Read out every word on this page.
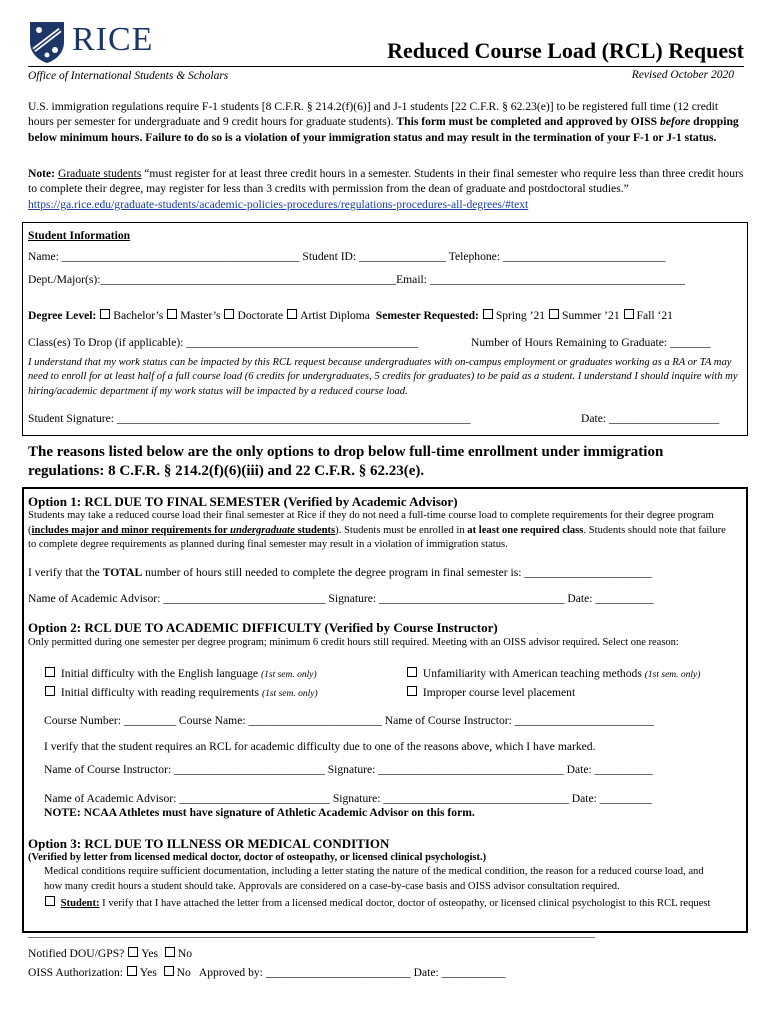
RICE	Reduced Course Load (RCL) Request
Office of International Students & Scholars	Revised October 2020
U.S. immigration regulations require F-1 students [8 C.F.R. § 214.2(f)(6)] and J-1 students [22 C.F.R. § 62.23(e)] to be registered full time (12 credit hours per semester for undergraduate and 9 credit hours for graduate students). This form must be completed and approved by OISS before dropping below minimum hours. Failure to do so is a violation of your immigration status and may result in the termination of your F-1 or J-1 status.
Note: Graduate students “must register for at least three credit hours in a semester. Students in their final semester who require less than three credit hours to complete their degree, may register for less than 3 credits with permission from the dean of graduate and postdoctoral studies.”
https://ga.rice.edu/graduate-students/academic-policies-procedures/regulations-procedures-all-degrees/#text
Student Information
Name: _________________________________________ Student ID: _______________ Telephone: ____________________________
Dept./Major(s):___________________________________________________Email: ____________________________________________
Degree Level: Bachelor’s Master’s Doctorate Artist Diploma Semester Requested: Spring ’21 Summer ’21 Fall ‘21
Class(es) To Drop (if applicable): ________________________________________	Number of Hours Remaining to Graduate: _______
I understand that my work status can be impacted by this RCL request because undergraduates with on-campus employment or graduates working as a RA or TA may need to enroll for at least half of a full course load (6 credits for undergraduates, 5 credits for graduates) to be paid as a student. I understand I should inquire with my hiring/academic department if my work status will be impacted by a reduced course load.
Student Signature: _____________________________________________________________	Date: ___________________
The reasons listed below are the only options to drop below full-time enrollment under immigration regulations: 8 C.F.R. § 214.2(f)(6)(iii) and 22 C.F.R. § 62.23(e).
Option 1: RCL DUE TO FINAL SEMESTER (Verified by Academic Advisor)
Students may take a reduced course load their final semester at Rice if they do not need a full-time course load to complete requirements for their degree program (includes major and minor requirements for undergraduate students). Students must be enrolled in at least one required class. Students should note that failure to complete degree requirements as planned during final semester may result in a violation of immigration status.
I verify that the TOTAL number of hours still needed to complete the degree program in final semester is: ______________________
Name of Academic Advisor: ____________________________ Signature: ________________________________ Date: __________
Option 2: RCL DUE TO ACADEMIC DIFFICULTY (Verified by Course Instructor)
Only permitted during one semester per degree program; minimum 6 credit hours still required. Meeting with an OISS advisor required. Select one reason:
Initial difficulty with the English language (1st sem. only)
Initial difficulty with reading requirements (1st sem. only)
Unfamiliarity with American teaching methods (1st sem. only)
Improper course level placement
Course Number: _________ Course Name: _______________________ Name of Course Instructor: ________________________
I verify that the student requires an RCL for academic difficulty due to one of the reasons above, which I have marked.
Name of Course Instructor: __________________________ Signature: ________________________________ Date: __________
Name of Academic Advisor: __________________________ Signature: ________________________________ Date: _________
NOTE: NCAA Athletes must have signature of Athletic Academic Advisor on this form.
Option 3: RCL DUE TO ILLNESS OR MEDICAL CONDITION
(Verified by letter from licensed medical doctor, doctor of osteopathy, or licensed clinical psychologist.)
Medical conditions require sufficient documentation, including a letter stating the nature of the medical condition, the reason for a reduced course load, and how many credit hours a student should take. Approvals are considered on a case-by-case basis and OISS advisor consultation required.
Student: I verify that I have attached the letter from a licensed medical doctor, doctor of osteopathy, or licensed clinical psychologist to this RCL request
____________________________________________________________________________________________________________
Notified DOU/GPS? Yes No
OISS Authorization: Yes No Approved by: _________________________ Date: ___________
